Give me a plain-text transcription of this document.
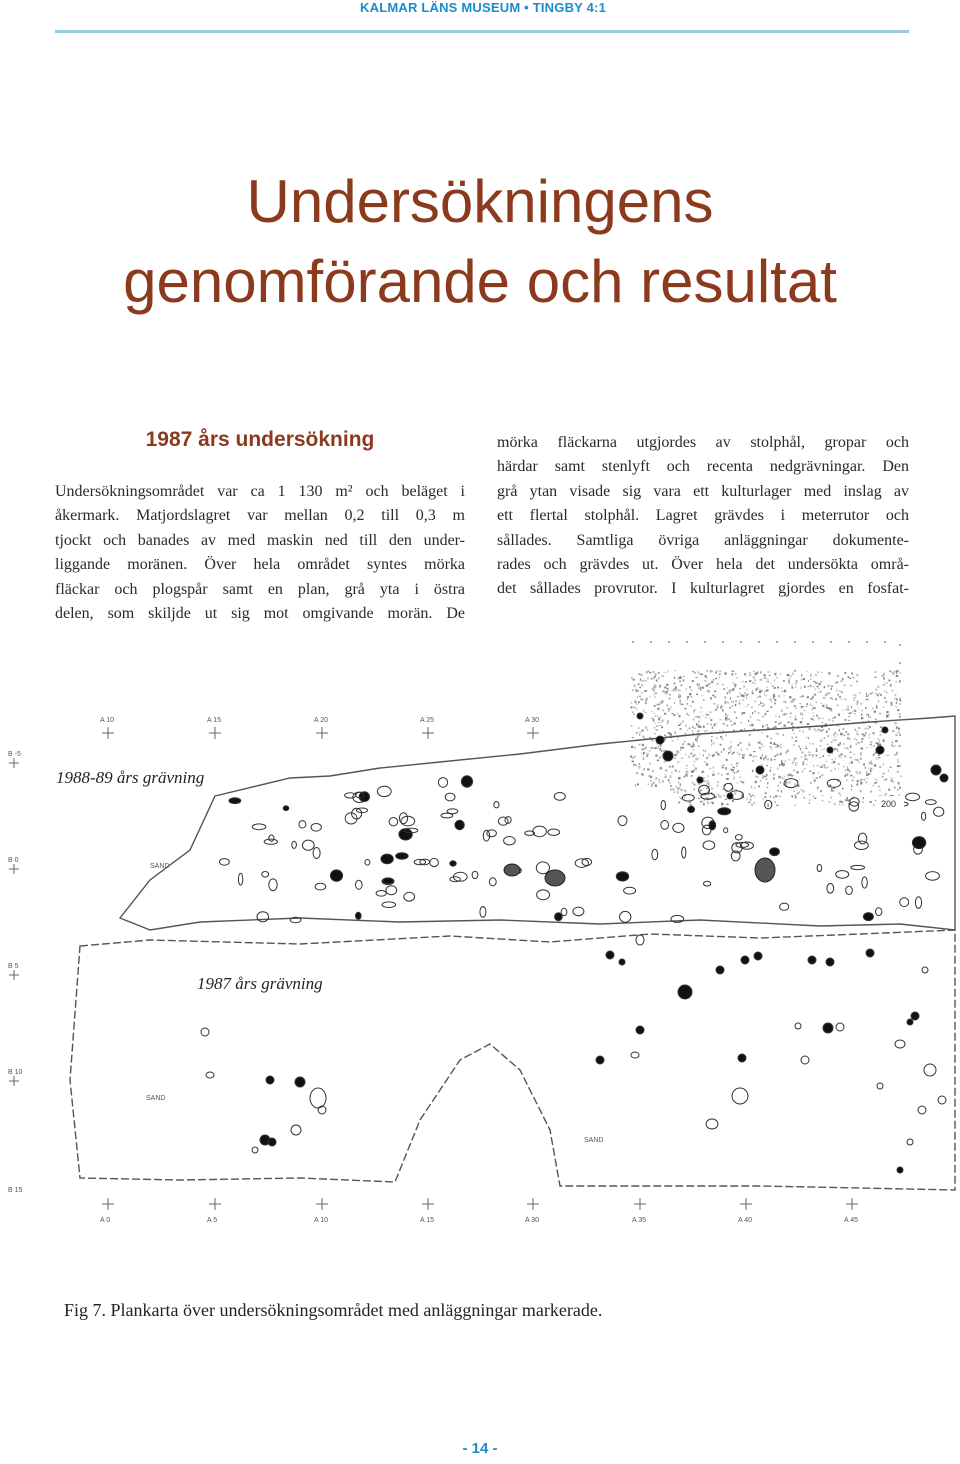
KALMAR LÄNS MUSEUM • TINGBY 4:1
Undersökningens
genomförande och resultat
1987 års undersökning
Undersökningsområdet var ca 1 130 m² och beläget i
åkermark. Matjordslagret var mellan 0,2 till 0,3 m
tjockt och banades av med maskin ned till den under-
liggande moränen. Över hela området syntes mörka
fläckar och plogspår samt en plan, grå yta i östra
delen, som skiljde ut sig mot omgivande morän. De
mörka fläckarna utgjordes av stolphål, gropar och
härdar samt stenlyft och recenta nedgrävningar. Den
grå ytan visade sig vara ett kulturlager med inslag av
ett flertal stolphål. Lagret grävdes i meterrutor och
sållades. Samtliga övriga anläggningar dokumente-
rades och grävdes ut. Över hela det undersökta områ-
det sållades provrutor. I kulturlagret gjordes en fosfat-
A 10	A 15	A 20	A 25	A 30
A 0	A 5	A 10	A 15	A 30	A 35	A 40	A 45
B -5
B 0
B 5
B 10
B 15
SAND
SAND
SAND
200
1988-89 års grävning
1987 års grävning
Fig 7. Plankarta över undersökningsområdet med anläggningar markerade.
- 14 -
